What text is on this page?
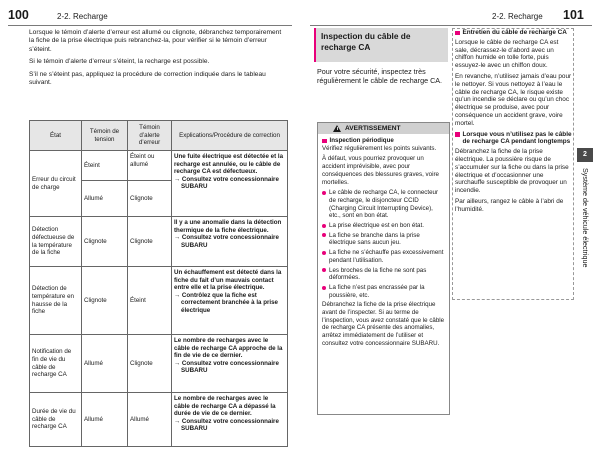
100	2-2. Recharge	2-2. Recharge 101

Lorsque le témoin d’alerte d’erreur est allumé ou clignote, débranchez temporairement la fiche de la prise électrique puis rebranchez-la, pour vérifier si le témoin d’erreur s’éteint.

Si le témoin d’alerte d’erreur s’éteint, la recharge est possible.

S’il ne s’éteint pas, appliquez la procédure de correction indiquée dans le tableau suivant.

État	Témoin de tension	Témoin d’alerte d’erreur	Explications/Procédure de correction
Erreur du circuit de charge	Éteint	Éteint ou allumé	Une fuite électrique est détectée et la recharge est annulée, ou le câble de recharge CA est défectueux.
→ Consultez votre concessionnaire SUBARU

	Allumé	Clignote	
Détection défectueuse de la température de la fiche	Clignote	Clignote	Il y a une anomalie dans la détection thermique de la fiche électrique.
→ Consultez votre concessionnaire SUBARU

Détection de température en hausse de la fiche	Clignote	Éteint	Un échauffement est détecté dans la fiche du fait d’un mauvais contact entre elle et la prise électrique.
→ Contrôlez que la fiche est correctement branchée à la prise électrique

Notification de fin de vie du câble de recharge CA	Allumé	Clignote	Le nombre de recharges avec le câble de recharge CA approche de la fin de vie de ce dernier.
→ Consultez votre concessionnaire SUBARU

Durée de vie du câble de recharge CA	Allumé	Allumé	Le nombre de recharges avec le câble de recharge CA a dépassé la durée de vie de ce dernier.
→ Consultez votre concessionnaire SUBARU
Inspection du câble de recharge CA
Pour votre sécurité, inspectez très régulièrement le câble de recharge CA.
AVERTISSEMENT
Inspection périodique

Vérifiez régulièrement les points suivants.

À défaut, vous pourriez provoquer un accident imprévisible, avec pour conséquences des blessures graves, voire mortelles.

Le câble de recharge CA, le connecteur de recharge, le disjoncteur CCID (Charging Circuit Interrupting Device), etc., sont en bon état.
La prise électrique est en bon état.
La fiche se branche dans la prise électrique sans aucun jeu.
La fiche ne s’échauffe pas excessivement pendant l’utilisation.
Les broches de la fiche ne sont pas déformées.
La fiche n’est pas encrassée par la poussière, etc.

Débranchez la fiche de la prise électrique avant de l’inspecter. Si au terme de l’inspection, vous avez constaté que le câble de recharge CA présente des anomalies, arrêtez immédiatement de l’utiliser et consultez votre concessionnaire SUBARU.

Entretien du câble de recharge CA

Lorsque le câble de recharge CA est sale, décrassez-le d’abord avec un chiffon humide en tolle forte, puis essuyez-le avec un chiffon doux.

En revanche, n’utilisez jamais d’eau pour le nettoyer. Si vous nettoyez à l’eau le câble de recharge CA, le risque existe qu’un incendie se déclare ou qu’un choc électrique se produise, avec pour conséquence un accident grave, voire mortel.

Lorsque vous n’utilisez pas le câble de recharge CA pendant longtemps

Débranchez la fiche de la prise électrique. La poussière risque de s’accumuler sur la fiche ou dans la prise électrique et d’occasionner une surchauffe susceptible de provoquer un incendie.

Par ailleurs, rangez le câble à l’abri de l’humidité.

2
Système de véhicule électrique
